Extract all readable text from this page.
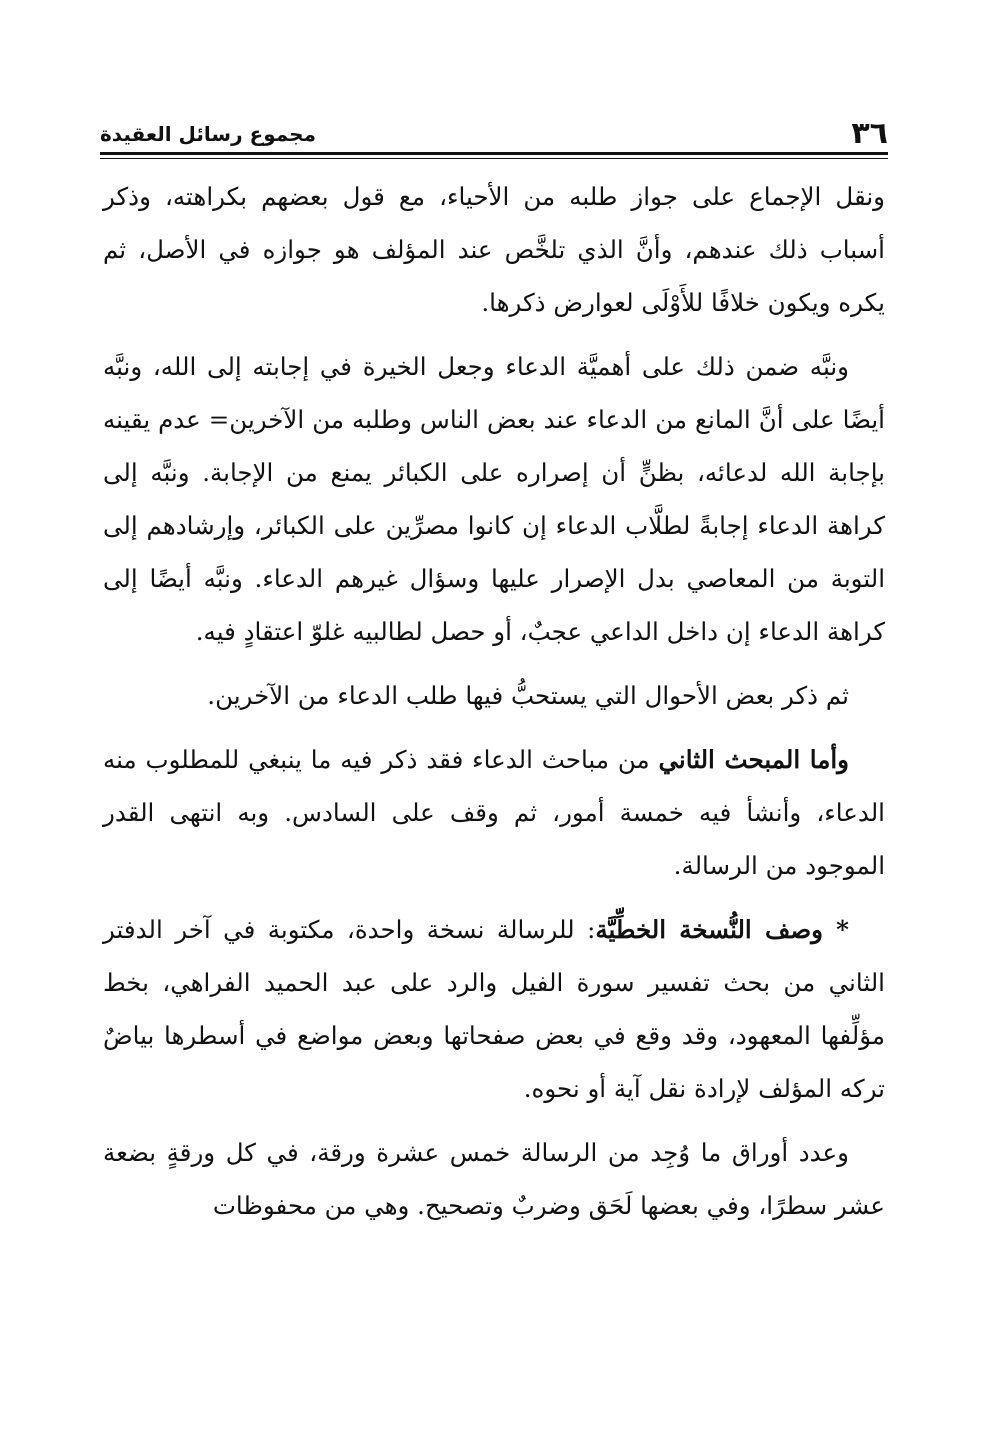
٣٦
مجموع رسائل العقيدة

ونقل الإجماع على جواز طلبه من الأحياء، مع قول بعضهم بكراهته، وذكر أسباب ذلك عندهم، وأنَّ الذي تلخَّص عند المؤلف هو جوازه في الأصل، ثم يكره ويكون خلافًا للأَوْلَى لعوارض ذكرها.

ونبَّه ضمن ذلك على أهميَّة الدعاء وجعل الخيرة في إجابته إلى الله، ونبَّه أيضًا على أنَّ المانع من الدعاء عند بعض الناس وطلبه من الآخرين= عدم يقينه بإجابة الله لدعائه، بظنٍّ أن إصراره على الكبائر يمنع من الإجابة. ونبَّه إلى كراهة الدعاء إجابةً لطلَّاب الدعاء إن كانوا مصرِّين على الكبائر، وإرشادهم إلى التوبة من المعاصي بدل الإصرار عليها وسؤال غيرهم الدعاء. ونبَّه أيضًا إلى كراهة الدعاء إن داخل الداعي عجبٌ، أو حصل لطالبيه غلوّ اعتقادٍ فيه.

ثم ذكر بعض الأحوال التي يستحبُّ فيها طلب الدعاء من الآخرين.

وأما المبحث الثاني من مباحث الدعاء فقد ذكر فيه ما ينبغي للمطلوب منه الدعاء، وأنشأ فيه خمسة أمور، ثم وقف على السادس. وبه انتهى القدر الموجود من الرسالة.

* وصف النُّسخة الخطِّيَّة: للرسالة نسخة واحدة، مكتوبة في آخر الدفتر الثاني من بحث تفسير سورة الفيل والرد على عبد الحميد الفراهي، بخط مؤلِّفها المعهود، وقد وقع في بعض صفحاتها وبعض مواضع في أسطرها بياضٌ تركه المؤلف لإرادة نقل آية أو نحوه.

وعدد أوراق ما وُجِد من الرسالة خمس عشرة ورقة، في كل ورقةٍ بضعة عشر سطرًا، وفي بعضها لَحَق وضربٌ وتصحيح. وهي من محفوظات
